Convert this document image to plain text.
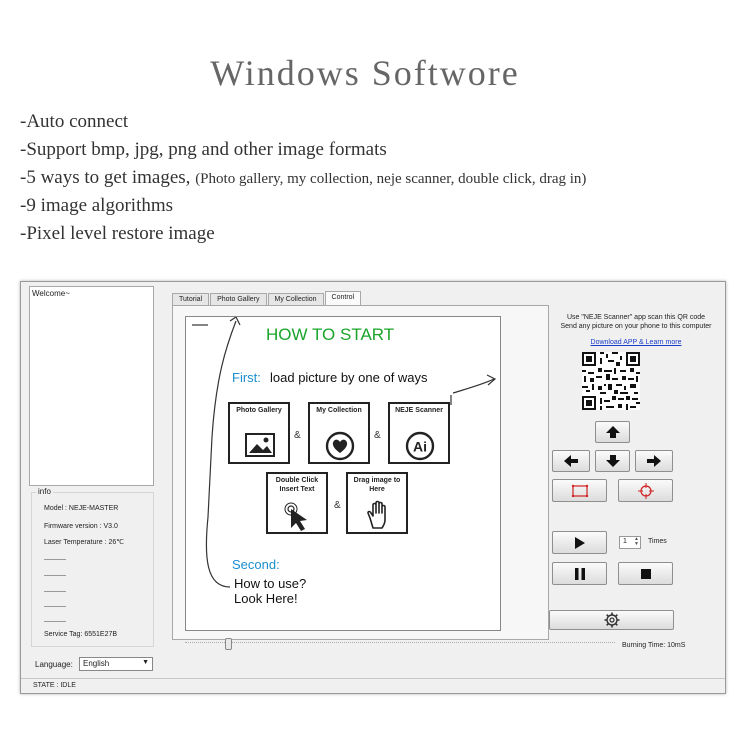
Windows Softwore
-Auto connect
-Support bmp, jpg, png and other image formats
-5 ways to get images, (Photo gallery, my collection, neje scanner, double click, drag in)
-9 image algorithms
-Pixel level restore image
Welcome~
info
Model : NEJE-MASTER
Firmware version : V3.0
Laser Temperature : 26℃
Service Tag: 6551E27B
Language:	English	▼
STATE : IDLE
Tutorial	Photo Gallery	My Collection	Control
HOW TO START
First: load picture by one of ways
Photo Gallery
&
My Collection
&
NEJE Scanner
Ai
Double Click Insert Text
&
Drag image to Here
Second:
How to use?
Look Here!
Burning Time: 10mS
Use "NEJE Scanner" app scan this QR code
Send any picture on your phone to this computer
Download APP & Learn more
1 ▲
▼ Times
